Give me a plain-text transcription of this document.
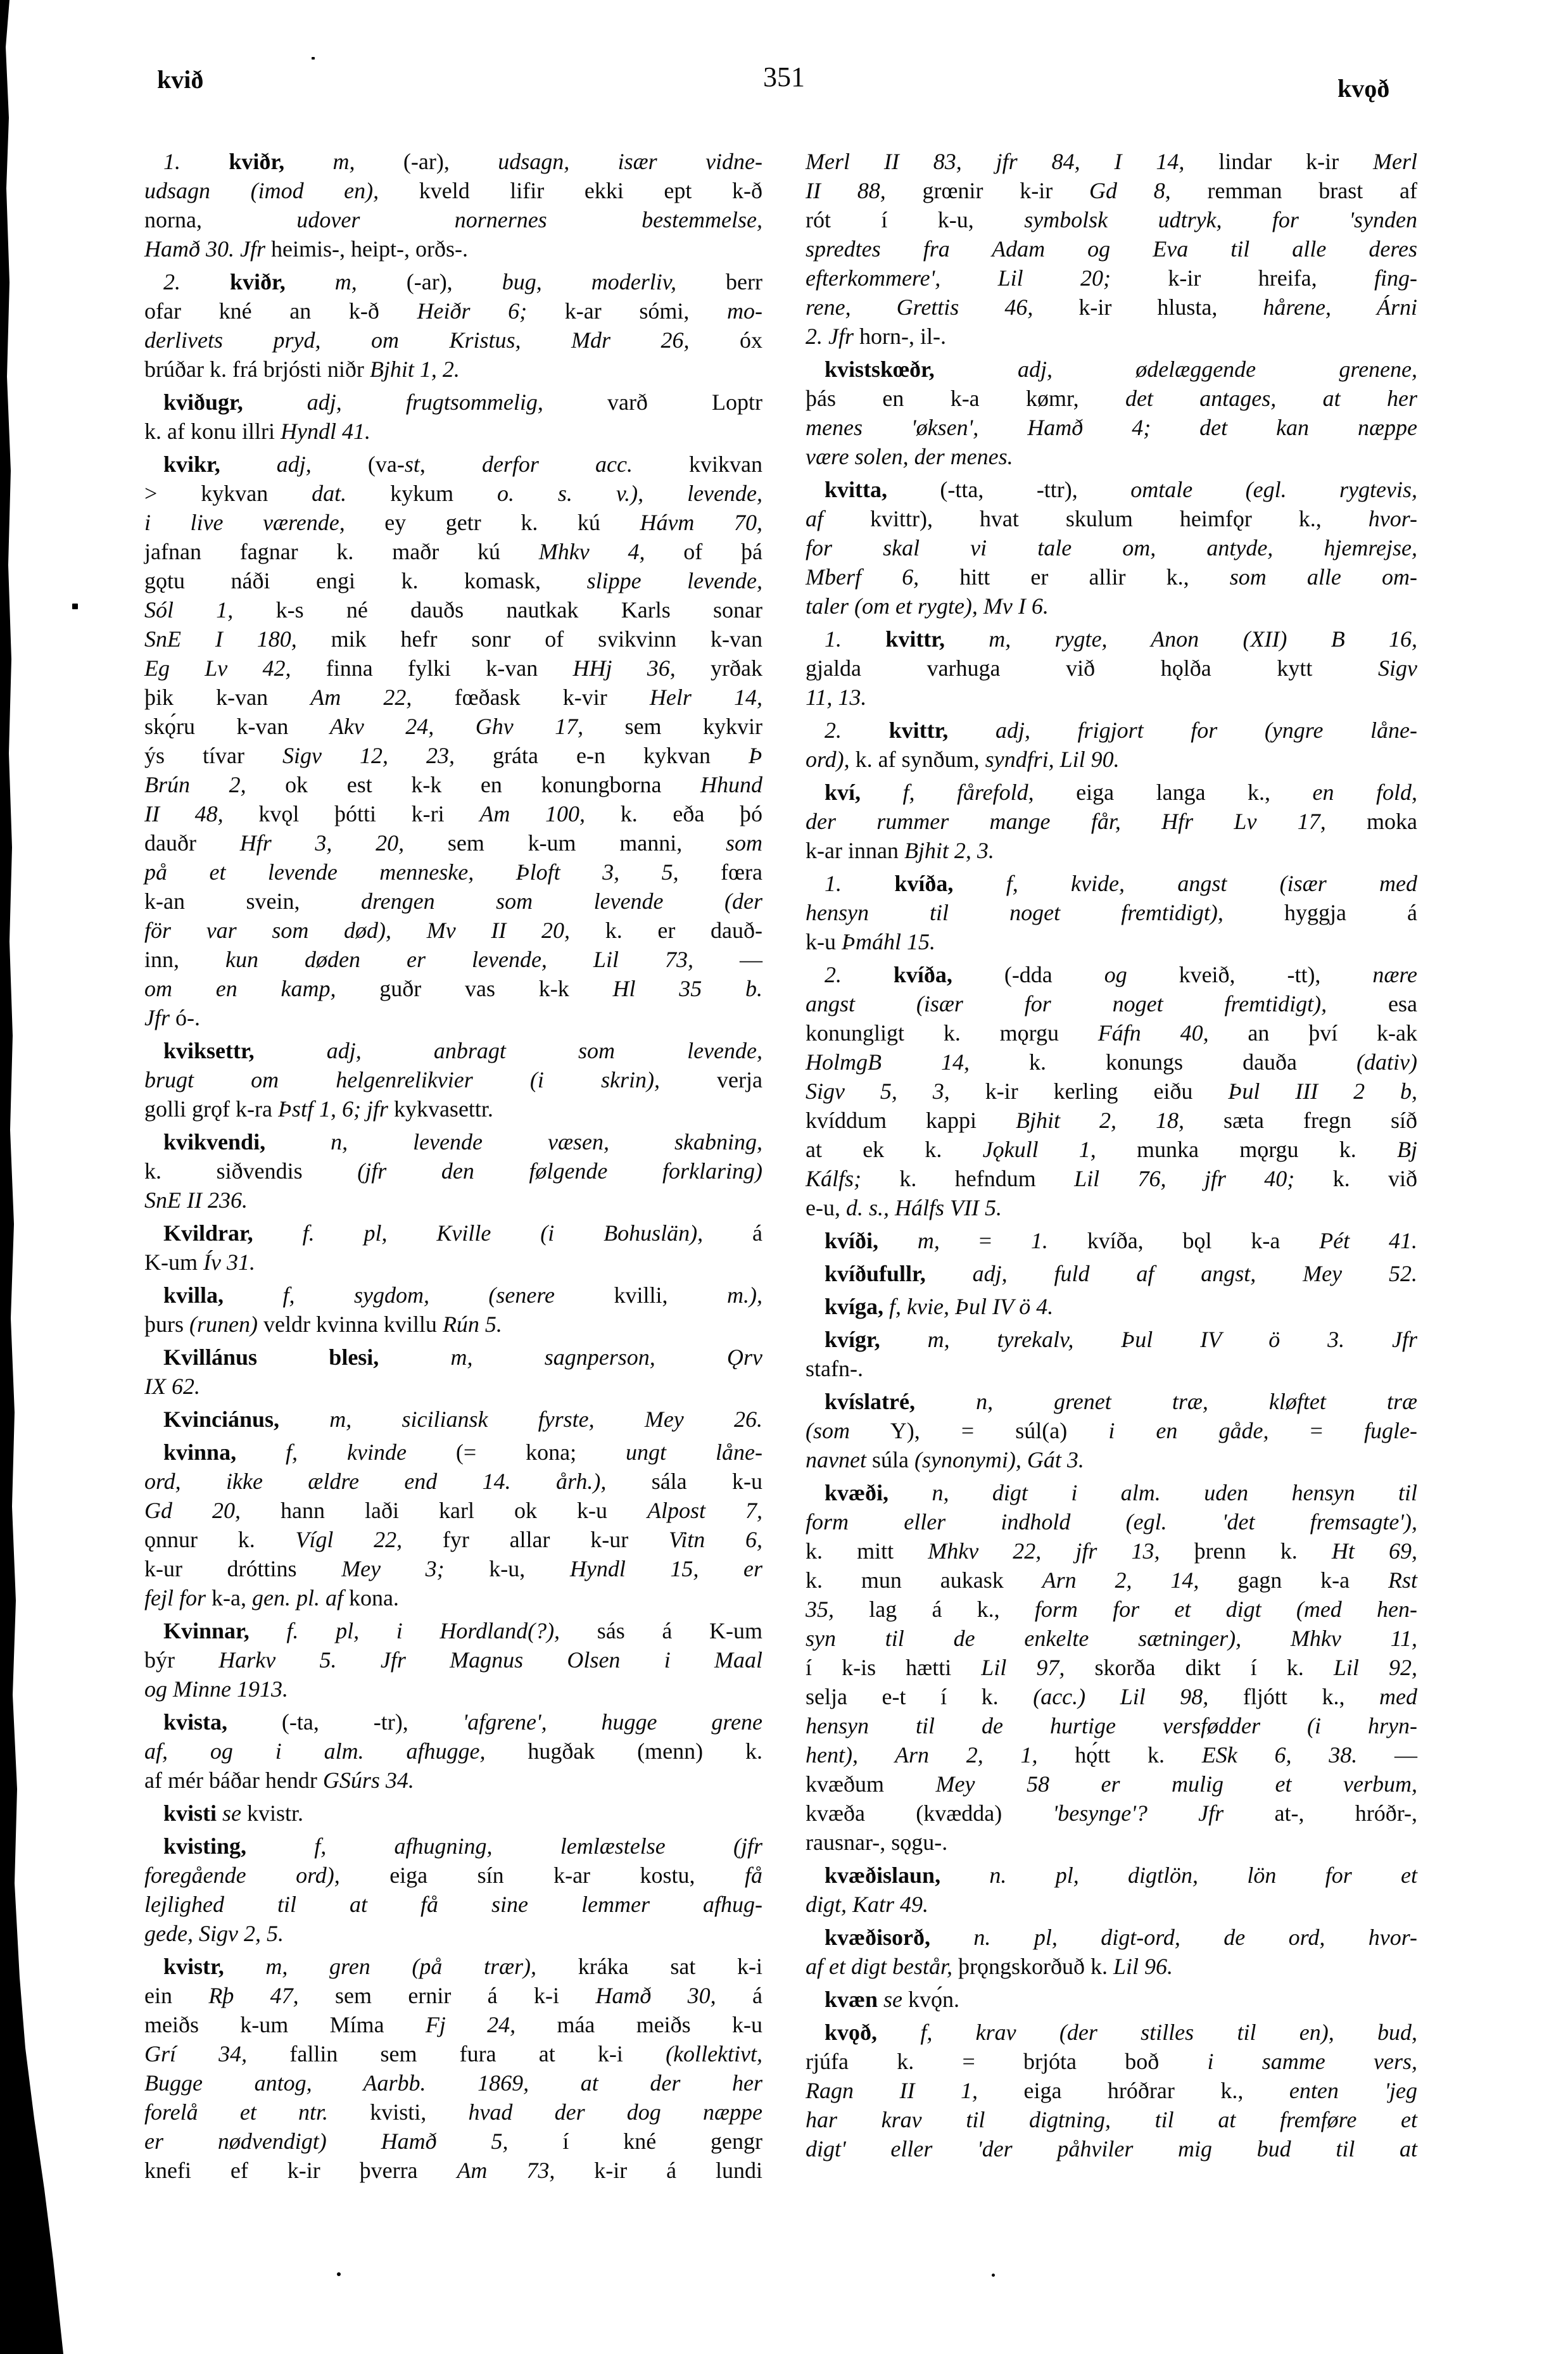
kvið	351	kvǫð
1. kviðr, m, (-ar), udsagn, især vidne-
udsagn (imod en), kveld lifir ekki ept k-ð
norna, udover nornernes bestemmelse,
Hamð 30. Jfr heimis-, heipt-, orðs-.
2. kviðr, m, (-ar), bug, moderliv, berr
ofar kné an k-ð Heiðr 6; k-ar sómi, mo-
derlivets pryd, om Kristus, Mdr 26, óx
brúðar k. frá brjósti niðr Bjhit 1, 2.
kviðugr,	adj, frugtsommelig, varð Loptr
k. af konu illri Hyndl 41.
kvikr, adj, (va-st, derfor acc. kvikvan
> kykvan dat. kykum o. s. v.), levende,
i live værende, ey getr k. kú Hávm 70,
jafnan fagnar k. maðr kú Mhkv 4, of þá
gǫtu náði engi k. komask, slippe levende,
Sól 1, k-s né dauðs nautkak Karls sonar
SnE I 180, mik hefr sonr of svikvinn k-van
Eg Lv 42, finna fylki k-van HHj 36, yrðak
þik k-van Am 22, fœðask k-vir Helr 14,
skǫ́ru k-van Akv 24, Ghv 17, sem kykvir
ýs tívar Sigv 12, 23, gráta e-n kykvan Þ
Brún 2, ok est k-k en konungborna Hhund
II 48, kvǫl þótti k-ri Am 100, k. eða þó
dauðr Hfr 3, 20, sem k-um manni, som
på et levende menneske, Þloft 3, 5, fœra
k-an svein, drengen som levende (der
för var som død), Mv II 20, k. er dauð-
inn, kun døden er levende, Lil 73, —
om en kamp, guðr vas k-k Hl 35 b.
Jfr ó-.
kviksettr,	adj, anbragt som levende,
brugt om helgenrelikvier (i skrin), verja
golli grǫf k-ra Þstf 1, 6; jfr kykvasettr.
kvikvendi,	n, levende væsen, skabning,
k. siðvendis (jfr den følgende forklaring)
SnE II 236.
Kvildrar, f. pl, Kville (i Bohuslän), á
K-um Ív 31.
kvilla,	f, sygdom, (senere kvilli, m.),
þurs (runen) veldr kvinna kvillu Rún 5.
Kvillánus blesi,	m,	sagnperson, Ǫrv
IX 62.
Kvinciánus, m, siciliansk fyrste, Mey 26.
kvinna, f, kvinde (= kona; ungt låne-
ord, ikke ældre end 14. årh.), sála k-u
Gd 20, hann laði karl ok k-u Alpost 7,
ǫnnur k. Vígl 22, fyr allar k-ur Vitn 6,
k-ur dróttins Mey 3; k-u, Hyndl 15, er
fejl for k-a, gen. pl. af kona.
Kvinnar, f. pl, i Hordland(?), sás á K-um
býr Harkv 5. Jfr Magnus Olsen i Maal
og Minne 1913.
kvista, (-ta, -tr), 'afgrene', hugge grene
af, og i alm. afhugge, hugðak (menn) k.
af mér báðar hendr GSúrs 34.
kvisti se kvistr.
kvisting,	f, afhugning, lemlæstelse (jfr
foregående ord), eiga sín k-ar kostu, få
lejlighed til at få sine lemmer afhug-
gede, Sigv 2, 5.
kvistr, m, gren (på trær), kráka sat k-i
ein Rþ 47, sem ernir á k-i Hamð 30, á
meiðs k-um Míma Fj 24, máa meiðs k-u
Grí 34, fallin sem fura at k-i (kollektivt,
Bugge antog, Aarbb. 1869, at der her
forelå et ntr. kvisti, hvad der dog næppe
er nødvendigt) Hamð 5, í kné gengr
knefi ef k-ir þverra Am 73, k-ir á lundi
Merl II 83, jfr 84, I 14, lindar k-ir Merl
II 88, grœnir k-ir Gd 8, remman brast af
rót í k-u, symbolsk udtryk, for 'synden
spredtes fra Adam og Eva til alle deres
efterkommere', Lil 20; k-ir hreifa, fing-
rene, Grettis 46, k-ir hlusta, hårene, Árni
2. Jfr horn-, il-.
kvistskœðr,	adj, ødelæggende grenene,
þás en k-a kømr, det antages, at her
menes 'øksen', Hamð 4; det kan næppe
være solen, der menes.
kvitta, (-tta, -ttr), omtale (egl. rygtevis,
af kvittr), hvat skulum heimfǫr k., hvor-
for skal vi tale om, antyde, hjemrejse,
Mberf 6, hitt er allir k., som alle om-
taler (om et rygte), Mv I 6.
1. kvittr, m, rygte, Anon (XII) B 16,
gjalda varhuga við hǫlða kytt Sigv
11, 13.
2. kvittr, adj, frigjort for (yngre låne-
ord), k. af synðum, syndfri, Lil 90.
kví, f, fårefold, eiga langa k., en fold,
der rummer mange får, Hfr Lv 17, moka
k-ar innan Bjhit 2, 3.
1. kvíða, f, kvide, angst (især med
hensyn til noget fremtidigt), hyggja á
k-u Þmáhl 15.
2. kvíða, (-dda og kveið, -tt), nære
angst (især for noget fremtidigt), esa
konungligt k. mǫrgu Fáfn 40, an því k-ak
HolmgB 14, k. konungs dauða (dativ)
Sigv 5, 3, k-ir kerling eiðu Þul III 2 b,
kvíddum kappi Bjhit 2, 18, sæta fregn síð
at ek k. Jǫkull 1, munka mǫrgu k. Bj
Kálfs; k. hefndum Lil 76, jfr 40; k. við
e-u, d. s., Hálfs VII 5.
kvíði, m, = 1. kvíða, bǫl k-a Pét 41.
kvíðufullr, adj, fuld af angst, Mey 52.
kvíga, f, kvie, Þul IV ö 4.
kvígr, m, tyrekalv, Þul IV ö 3. Jfr
stafn-.
kvíslatré,	n, grenet træ, kløftet træ
(som Y), = súl(a) i en gåde, = fugle-
navnet súla (synonymi), Gát 3.
kvæði, n, digt i alm. uden hensyn til
form eller indhold (egl. 'det fremsagte'),
k. mitt Mhkv 22, jfr 13, þrenn k. Ht 69,
k. mun aukask Arn 2, 14, gagn k-a Rst
35, lag á k., form for et digt (med hen-
syn til de enkelte sætninger), Mhkv 11,
í k-is hætti Lil 97, skorða dikt í k. Lil 92,
selja e-t í k. (acc.) Lil 98, fljótt k., med
hensyn til de hurtige versfødder (i hryn-
hent), Arn 2, 1, hǫ́tt k. ESk 6, 38. —
kvæðum Mey 58 er mulig et verbum,
kvæða (kvædda) 'besynge'? Jfr at-, hróðr-,
rausnar-, sǫgu-.
kvæðislaun, n. pl, digtlön, lön for et
digt, Katr 49.
kvæðisorð, n. pl, digt-ord, de ord, hvor-
af et digt består, þrǫngskorðuð k. Lil 96.
kvæn se kvǫ́n.
kvǫð, f, krav (der stilles til en), bud,
rjúfa k. = brjóta boð i samme vers,
Ragn II 1, eiga hróðrar k., enten 'jeg
har krav til digtning, til at fremføre et
digt' eller 'der påhviler mig bud til at
